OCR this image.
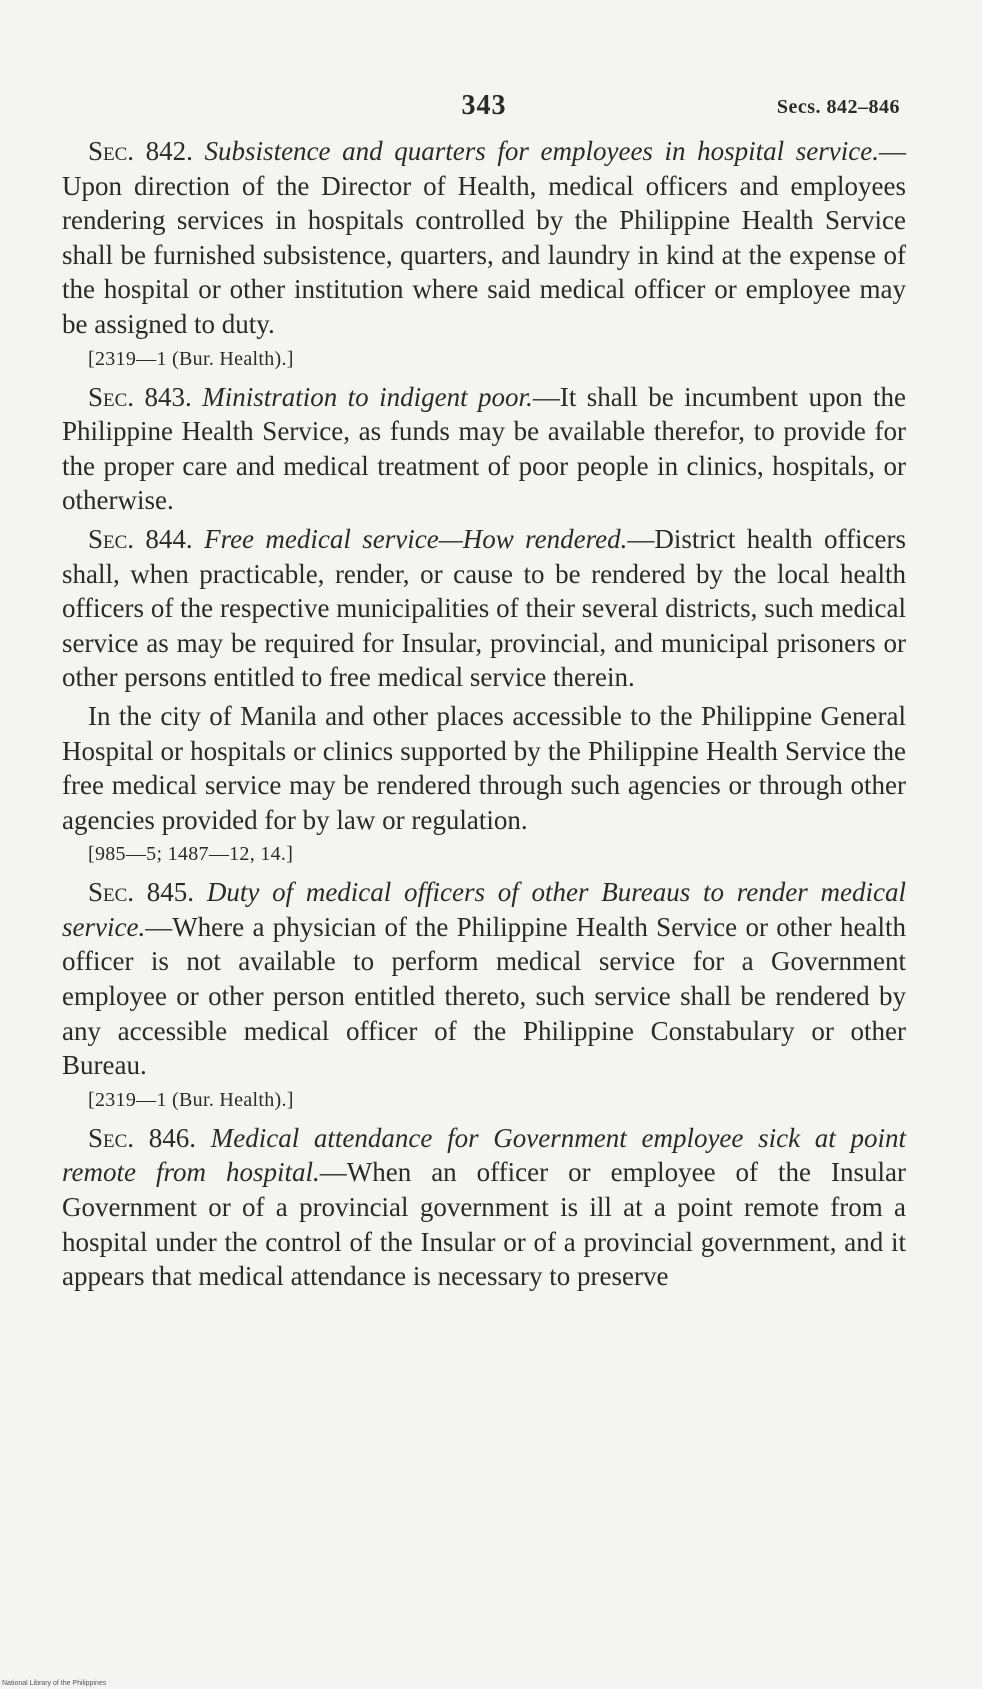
343	Secs. 842–846

Sec. 842. Subsistence and quarters for employees in hospital service.—Upon direction of the Director of Health, medical officers and employees rendering services in hospitals controlled by the Philippine Health Service shall be furnished subsistence, quarters, and laundry in kind at the expense of the hospital or other institution where said medical officer or employee may be assigned to duty.

[2319—1 (Bur. Health).]

Sec. 843. Ministration to indigent poor.—It shall be incumbent upon the Philippine Health Service, as funds may be available therefor, to provide for the proper care and medical treatment of poor people in clinics, hospitals, or otherwise.

Sec. 844. Free medical service—How rendered.—District health officers shall, when practicable, render, or cause to be rendered by the local health officers of the respective municipalities of their several districts, such medical service as may be required for Insular, provincial, and municipal prisoners or other persons entitled to free medical service therein.

In the city of Manila and other places accessible to the Philippine General Hospital or hospitals or clinics supported by the Philippine Health Service the free medical service may be rendered through such agencies or through other agencies provided for by law or regulation.

[985—5; 1487—12, 14.]

Sec. 845. Duty of medical officers of other Bureaus to render medical service.—Where a physician of the Philippine Health Service or other health officer is not available to perform medical service for a Government employee or other person entitled thereto, such service shall be rendered by any accessible medical officer of the Philippine Constabulary or other Bureau.

[2319—1 (Bur. Health).]

Sec. 846. Medical attendance for Government employee sick at point remote from hospital.—When an officer or employee of the Insular Government or of a provincial government is ill at a point remote from a hospital under the control of the Insular or of a provincial government, and it appears that medical attendance is necessary to preserve

National Library of the Philippines
